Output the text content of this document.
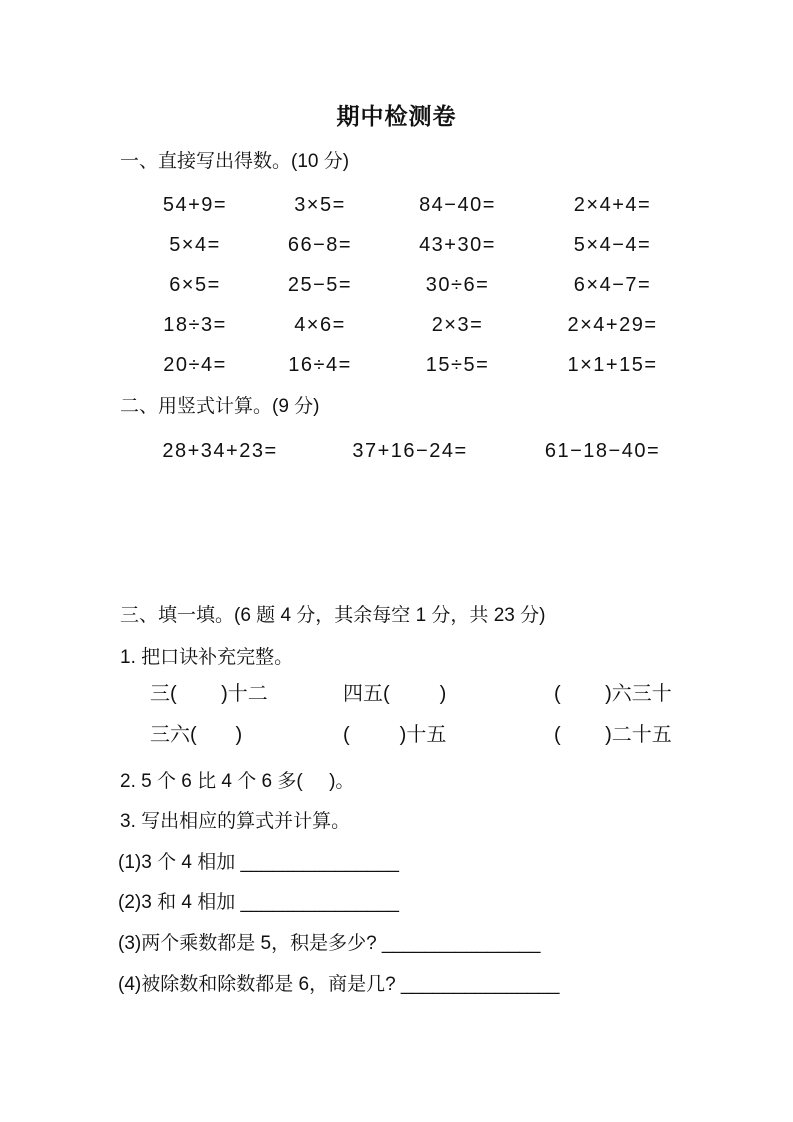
期中检测卷
一、直接写出得数。(10 分)
54+9=	3×5=	84−40=	2×4+4=
5×4=	66−8=	43+30=	5×4−4=
6×5=	25−5=	30÷6=	6×4−7=
18÷3=	4×6=	2×3=	2×4+29=
20÷4=	16÷4=	15÷5=	1×1+15=
二、用竖式计算。(9 分)
28+34+23=	37+16−24=	61−18−40=
三、填一填。(6 题 4 分，其余每空 1 分，共 23 分)
1. 把口诀补充完整。
三(        )十二	四五(         )	(        )六三十
三六(       )	(         )十五	(        )二十五
2. 5 个 6 比 4 个 6 多(     )。
3. 写出相应的算式并计算。
(1)3 个 4 相加 _______________
(2)3 和 4 相加 _______________
(3)两个乘数都是 5，积是多少? _______________
(4)被除数和除数都是 6，商是几? _______________
